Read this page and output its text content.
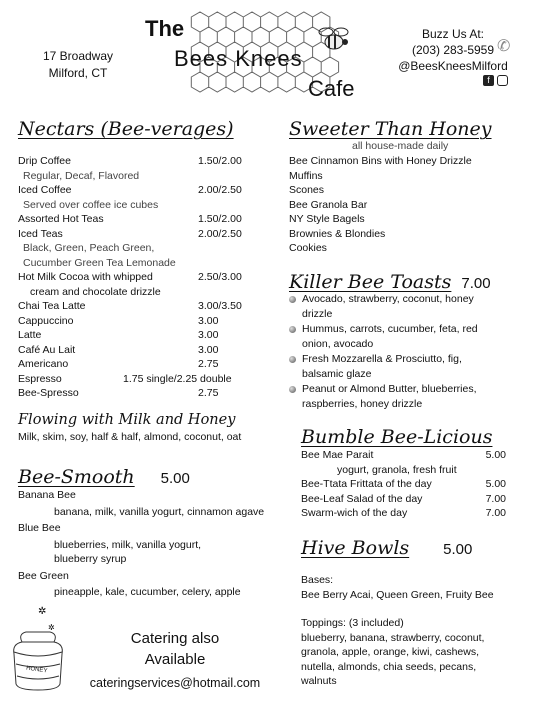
17 Broadway
Milford, CT
The
Bees Knees
Cafe
Buzz Us At:
(203) 283-5959
@BeesKneesMilford
f
✆
Nectars (Bee-verages)
Drip Coffee	1.50/2.00
Regular, Decaf, Flavored
Iced Coffee	2.00/2.50
Served over coffee ice cubes
Assorted Hot Teas	1.50/2.00
Iced Teas	2.00/2.50
Black, Green, Peach Green,
Cucumber Green Tea Lemonade
Hot Milk Cocoa with whipped	2.50/3.00
cream and chocolate drizzle
Chai Tea Latte	3.00/3.50
Cappuccino	3.00
Latte	3.00
Café Au Lait	3.00
Americano	2.75
Espresso	1.75 single/2.25 double
Bee-Spresso	2.75
Flowing with Milk and Honey
Milk, skim, soy, half & half, almond, coconut, oat
Bee-Smooth 5.00
Banana Bee
banana, milk, vanilla yogurt, cinnamon agave
Blue Bee
blueberries, milk, vanilla yogurt,
blueberry syrup
Bee Green
pineapple, kale, cucumber, celery, apple
✲
✲
HONEY
Catering also
Available
cateringservices@hotmail.com
Sweeter Than Honey
all house-made daily
Bee Cinnamon Bins with Honey Drizzle
Muffins
Scones
Bee Granola Bar
NY Style Bagels
Brownies & Blondies
Cookies
Killer Bee Toasts 7.00
Avocado, strawberry, coconut, honey drizzle
Hummus, carrots, cucumber, feta, red onion, avocado
Fresh Mozzarella & Prosciutto, fig, balsamic glaze
Peanut or Almond Butter, blueberries, raspberries, honey drizzle
Bumble Bee-Licious
Bee Mae Parait	5.00
yogurt, granola, fresh fruit
Bee-Ttata Frittata of the day	5.00
Bee-Leaf Salad of the day	7.00
Swarm-wich of the day	7.00
Hive Bowls 5.00
Bases:
Bee Berry Acai, Queen Green, Fruity Bee
Toppings: (3 included)
blueberry, banana, strawberry, coconut, granola, apple, orange, kiwi, cashews, nutella, almonds, chia seeds, pecans, walnuts
